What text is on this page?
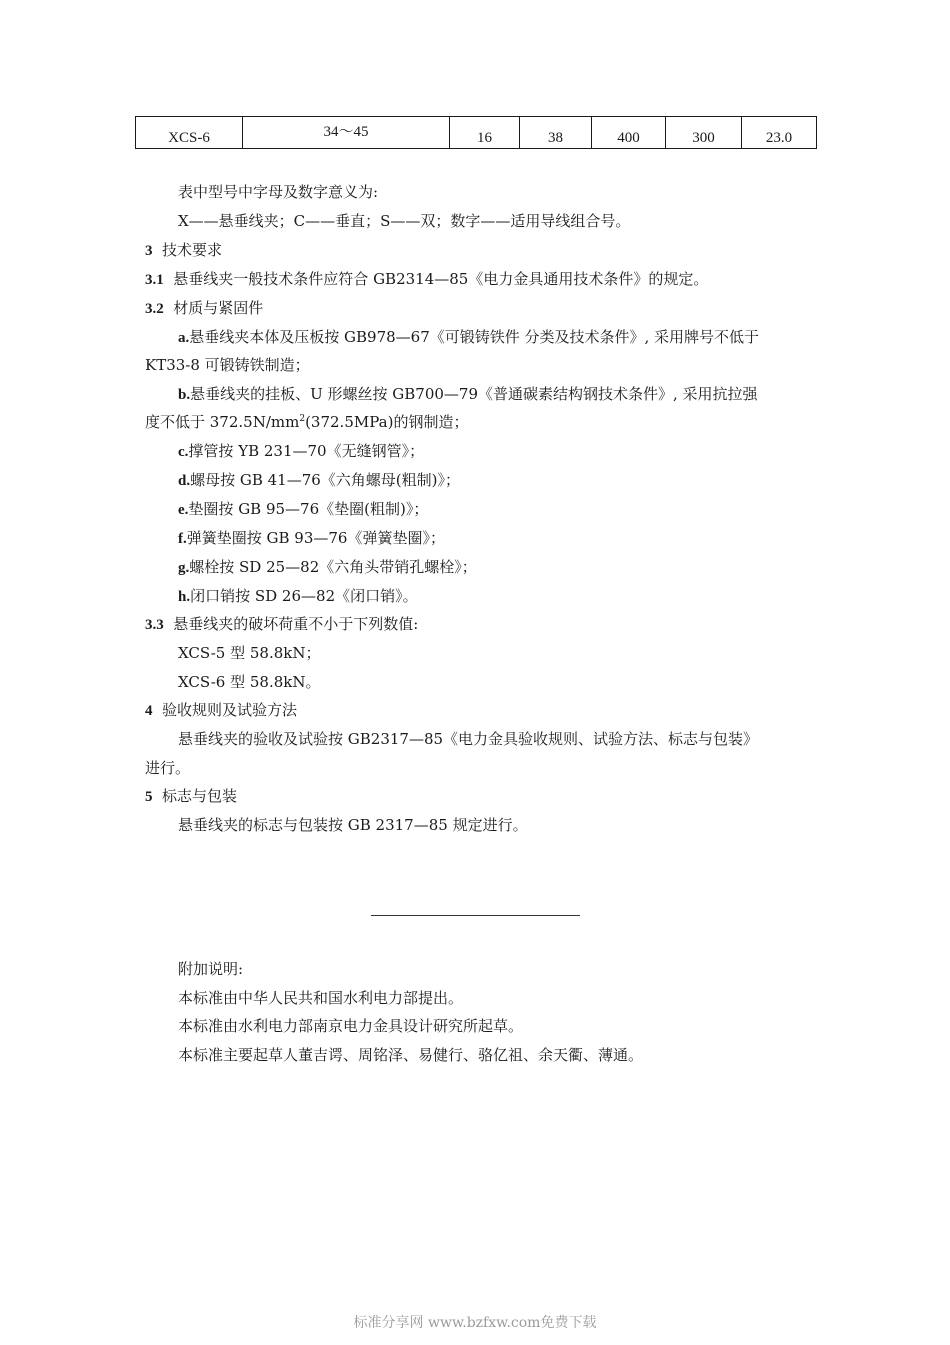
XCS-6	34～45	16	38	400	300	23.0
表中型号中字母及数字意义为:
X——悬垂线夹；C——垂直；S——双；数字——适用导线组合号。
3 技术要求
3.1 悬垂线夹一般技术条件应符合 GB2314—85《电力金具通用技术条件》的规定。
3.2 材质与紧固件
a.悬垂线夹本体及压板按 GB978—67《可锻铸铁件 分类及技术条件》, 采用牌号不低于
KT33-8 可锻铸铁制造；
b.悬垂线夹的挂板、U 形螺丝按 GB700—79《普通碳素结构钢技术条件》, 采用抗拉强
度不低于 $372.5N/mm^2(372.5MPa)$的钢制造；
c.撑管按 YB 231—70《无缝钢管》；
d.螺母按 GB 41—76《六角螺母(粗制)》；
e.垫圈按 GB 95—76《垫圈(粗制)》；
f.弹簧垫圈按 GB 93—76《弹簧垫圈》；
g.螺栓按 SD 25—82《六角头带销孔螺栓》；
h.闭口销按 SD 26—82《闭口销》。
3.3 悬垂线夹的破坏荷重不小于下列数值:
XCS-5 型 58.8kN；
XCS-6 型 58.8kN。
4 验收规则及试验方法
悬垂线夹的验收及试验按 GB2317—85《电力金具验收规则、试验方法、标志与包装》
进行。
5 标志与包装
悬垂线夹的标志与包装按 GB 2317—85 规定进行。
附加说明:
本标准由中华人民共和国水利电力部提出。
本标准由水利电力部南京电力金具设计研究所起草。
本标准主要起草人董吉谔、周铭泽、易健行、骆亿祖、余天衢、薄通。
标准分享网 www.bzfxw.com免费下载
